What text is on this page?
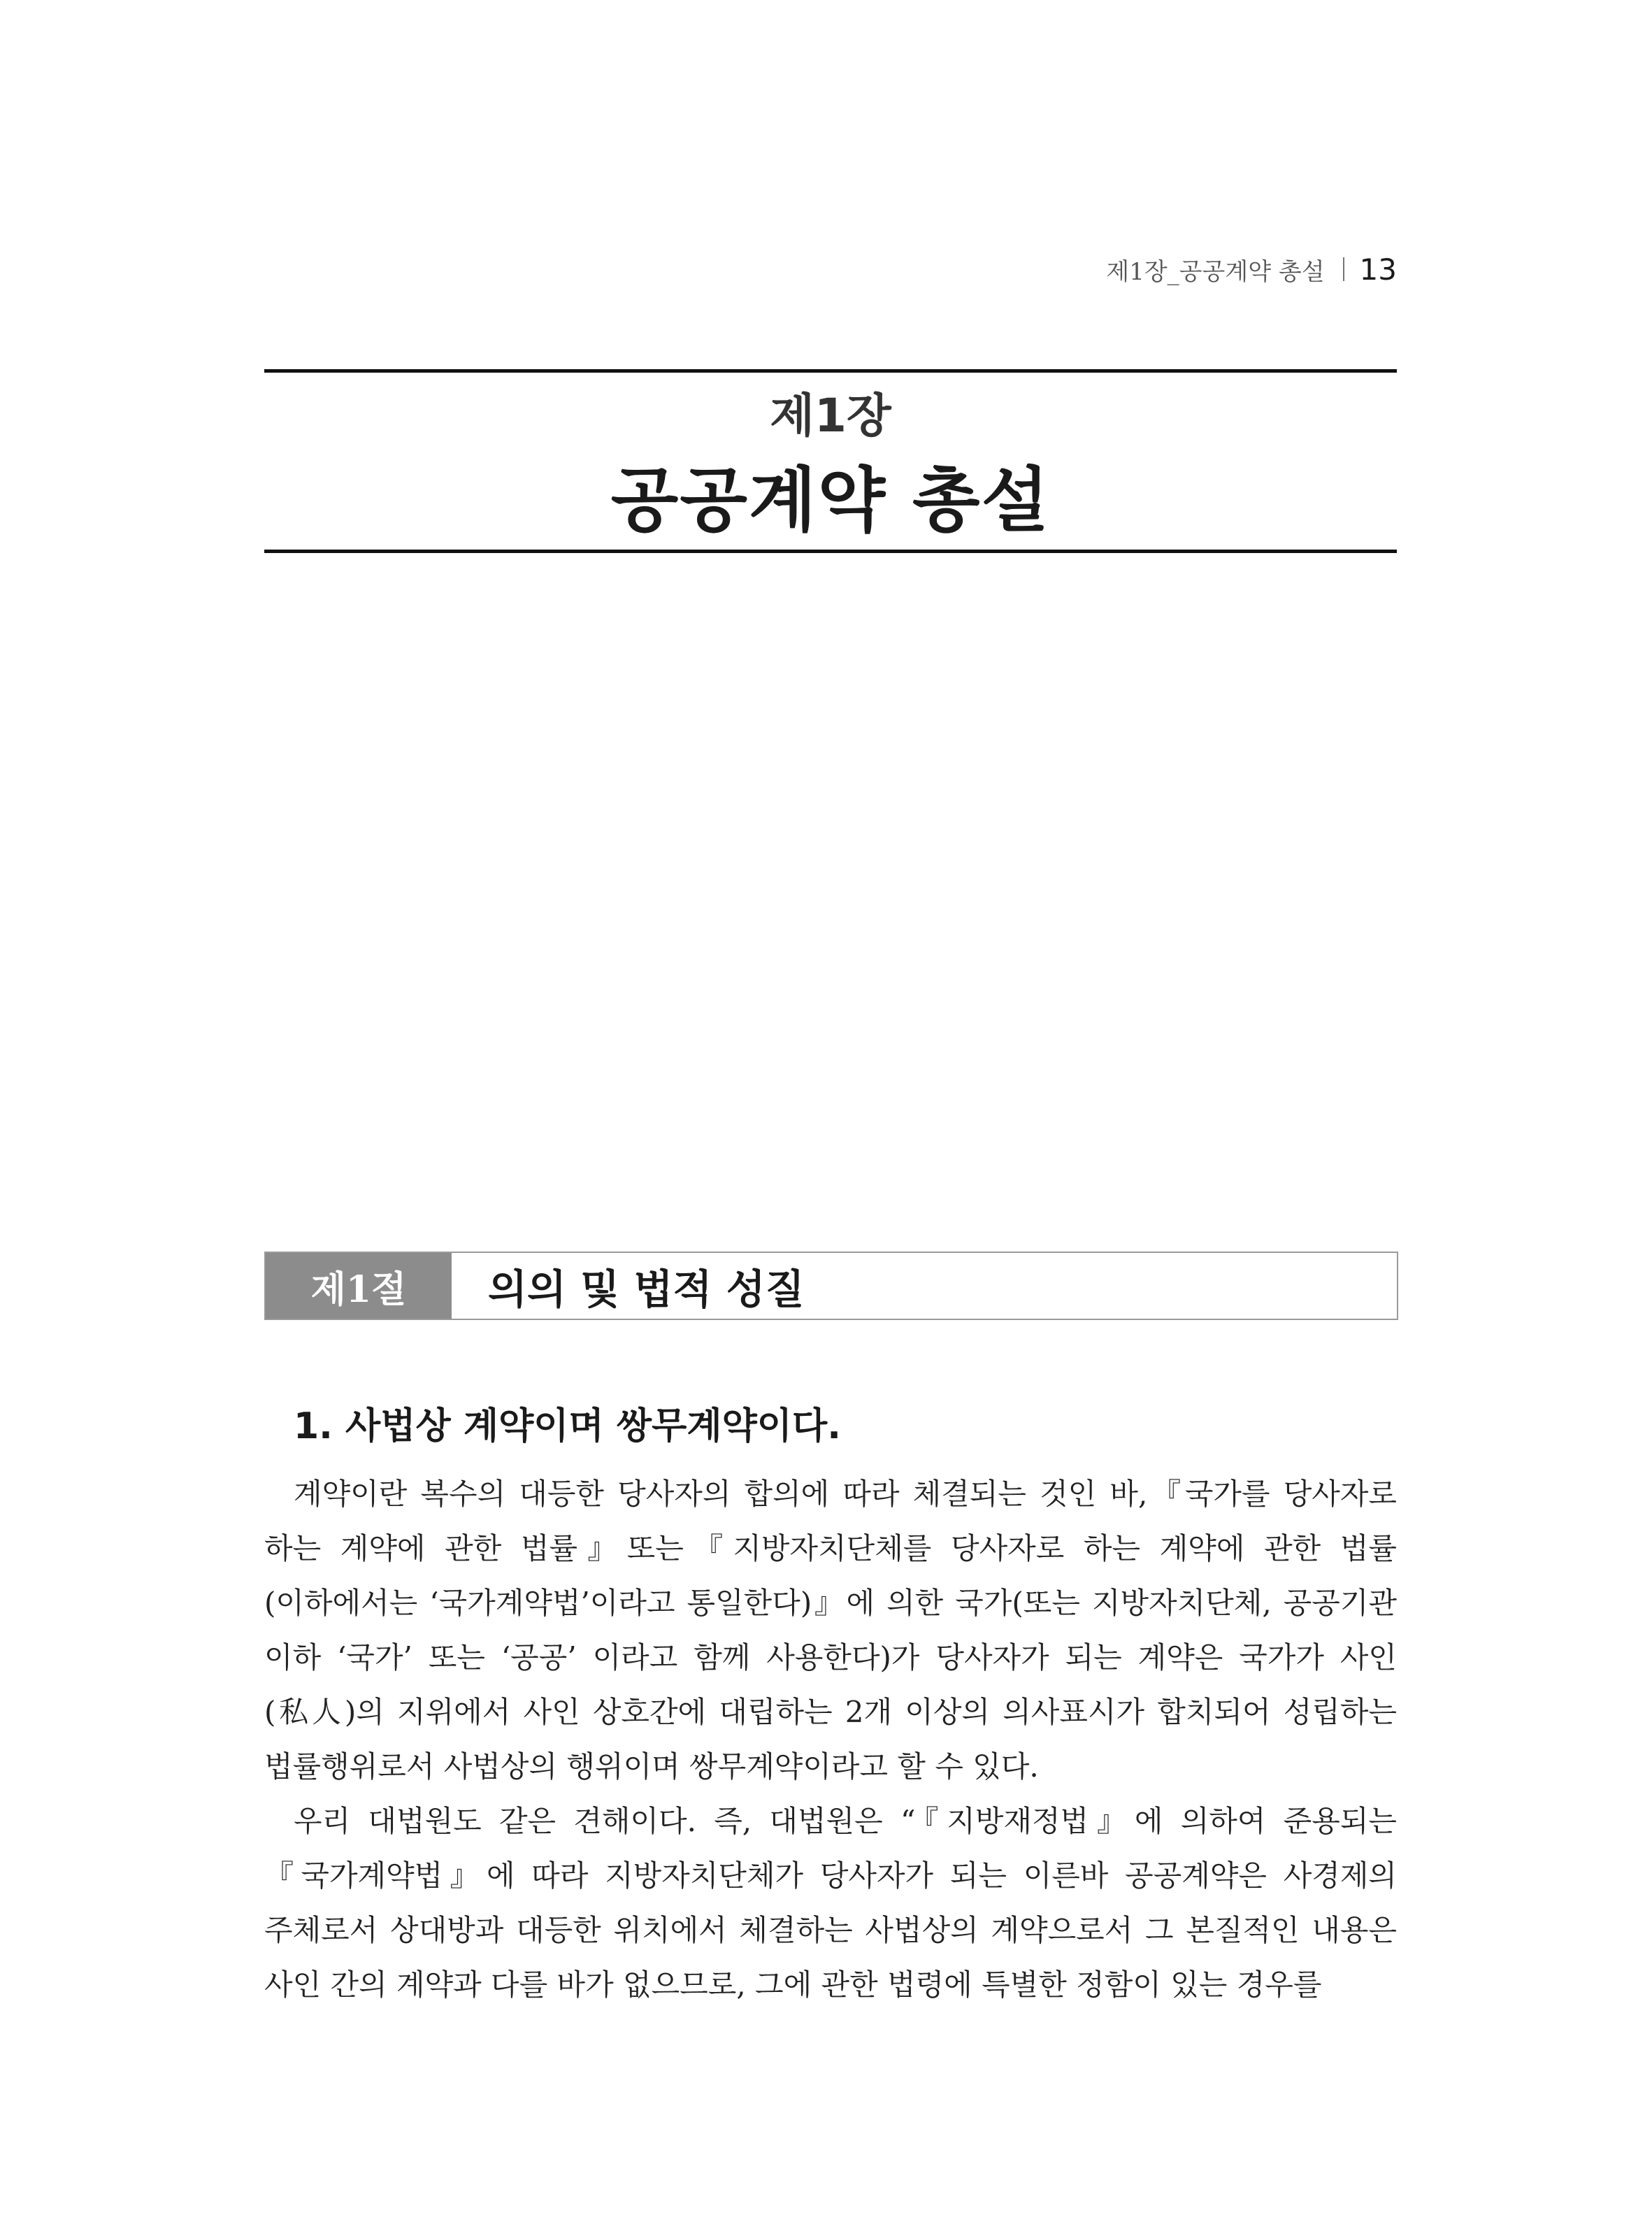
제1장_공공계약 총설 13
제1장
공공계약 총설
제1절	의의 및 법적 성질
1. 사법상 계약이며 쌍무계약이다.

계약이란 복수의 대등한 당사자의 합의에 따라 체결되는 것인 바,『국가를 당사자로 하는 계약에 관한 법률』또는『지방자치단체를 당사자로 하는 계약에 관한 법률(이하에서는 ‘국가계약법’이라고 통일한다)』에 의한 국가(또는 지방자치단체, 공공기관 이하 ‘국가’ 또는 ‘공공’ 이라고 함께 사용한다)가 당사자가 되는 계약은 국가가 사인(私人)의 지위에서 사인 상호간에 대립하는 2개 이상의 의사표시가 합치되어 성립하는 법률행위로서 사법상의 행위이며 쌍무계약이라고 할 수 있다.

우리 대법원도 같은 견해이다. 즉, 대법원은 “『지방재정법』에 의하여 준용되는『국가계약법』에 따라 지방자치단체가 당사자가 되는 이른바 공공계약은 사경제의 주체로서 상대방과 대등한 위치에서 체결하는 사법상의 계약으로서 그 본질적인 내용은 사인 간의 계약과 다를 바가 없으므로, 그에 관한 법령에 특별한 정함이 있는 경우를
